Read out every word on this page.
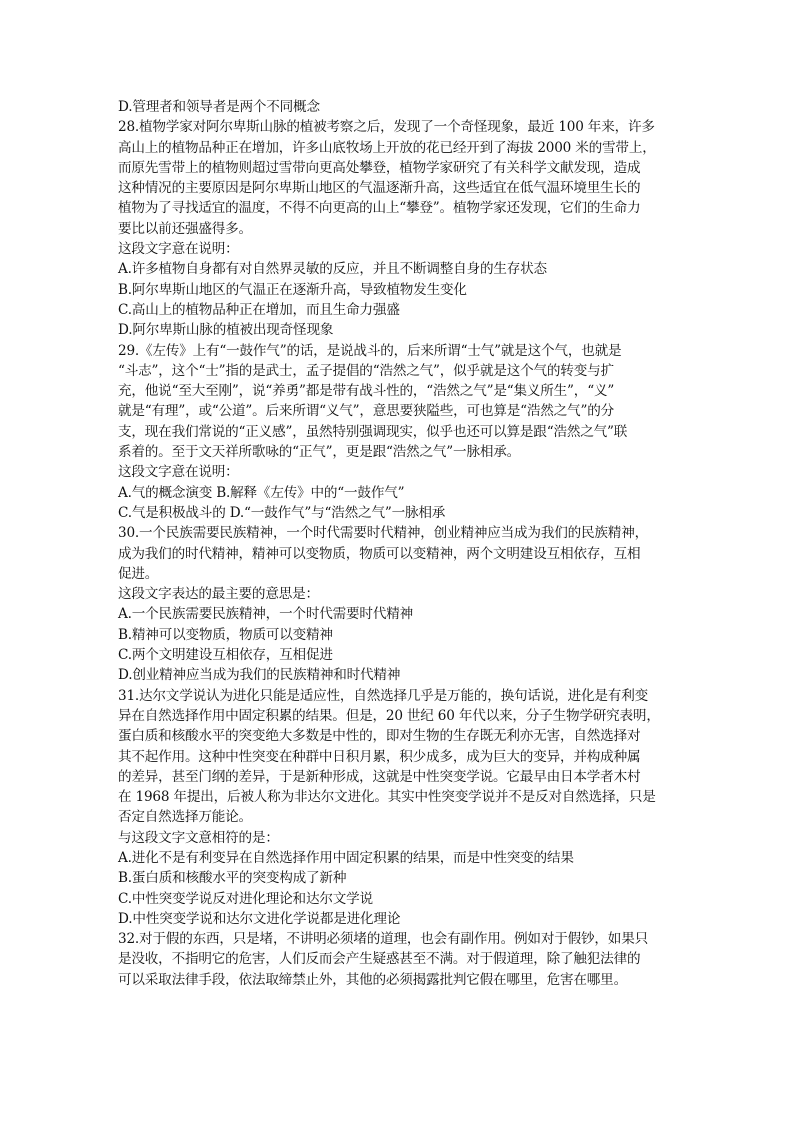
D.管理者和领导者是两个不同概念
28.植物学家对阿尔卑斯山脉的植被考察之后，发现了一个奇怪现象，最近 100 年来，许多
高山上的植物品种正在增加，许多山底牧场上开放的花已经开到了海拔 2000 米的雪带上，
而原先雪带上的植物则超过雪带向更高处攀登，植物学家研究了有关科学文献发现，造成
这种情况的主要原因是阿尔卑斯山地区的气温逐渐升高，这些适宜在低气温环境里生长的
植物为了寻找适宜的温度，不得不向更高的山上“攀登”。植物学家还发现，它们的生命力
要比以前还强盛得多。
这段文字意在说明：
A.许多植物自身都有对自然界灵敏的反应，并且不断调整自身的生存状态
B.阿尔卑斯山地区的气温正在逐渐升高，导致植物发生变化
C.高山上的植物品种正在增加，而且生命力强盛
D.阿尔卑斯山脉的植被出现奇怪现象
29.《左传》上有“一鼓作气”的话，是说战斗的，后来所谓“士气”就是这个气，也就是
“斗志”，这个“士”指的是武士，孟子提倡的“浩然之气”，似乎就是这个气的转变与扩
充，他说“至大至刚”，说“养勇”都是带有战斗性的，“浩然之气”是“集义所生”，“义”
就是“有理”，或“公道”。后来所谓“义气”，意思要狭隘些，可也算是“浩然之气”的分
支，现在我们常说的“正义感”，虽然特别强调现实，似乎也还可以算是跟“浩然之气”联
系着的。至于文天祥所歌咏的“正气”，更是跟“浩然之气”一脉相承。
这段文字意在说明：
A.气的概念演变 B.解释《左传》中的“一鼓作气”
C.气是积极战斗的 D.“一鼓作气”与“浩然之气”一脉相承
30.一个民族需要民族精神，一个时代需要时代精神，创业精神应当成为我们的民族精神，
成为我们的时代精神，精神可以变物质，物质可以变精神，两个文明建设互相依存，互相
促进。
这段文字表达的最主要的意思是：
A.一个民族需要民族精神，一个时代需要时代精神
B.精神可以变物质，物质可以变精神
C.两个文明建设互相依存，互相促进
D.创业精神应当成为我们的民族精神和时代精神
31.达尔文学说认为进化只能是适应性，自然选择几乎是万能的，换句话说，进化是有利变
异在自然选择作用中固定积累的结果。但是，20 世纪 60 年代以来，分子生物学研究表明，
蛋白质和核酸水平的突变绝大多数是中性的，即对生物的生存既无利亦无害，自然选择对
其不起作用。这种中性突变在种群中日积月累，积少成多，成为巨大的变异，并构成种属
的差异，甚至门纲的差异，于是新种形成，这就是中性突变学说。它最早由日本学者木村
在 1968 年提出，后被人称为非达尔文进化。其实中性突变学说并不是反对自然选择，只是
否定自然选择万能论。
与这段文字文意相符的是：
A.进化不是有利变异在自然选择作用中固定积累的结果，而是中性突变的结果
B.蛋白质和核酸水平的突变构成了新种
C.中性突变学说反对进化理论和达尔文学说
D.中性突变学说和达尔文进化学说都是进化理论
32.对于假的东西，只是堵，不讲明必须堵的道理，也会有副作用。例如对于假钞，如果只
是没收，不指明它的危害，人们反而会产生疑惑甚至不满。对于假道理，除了触犯法律的
可以采取法律手段，依法取缔禁止外，其他的必须揭露批判它假在哪里，危害在哪里。
